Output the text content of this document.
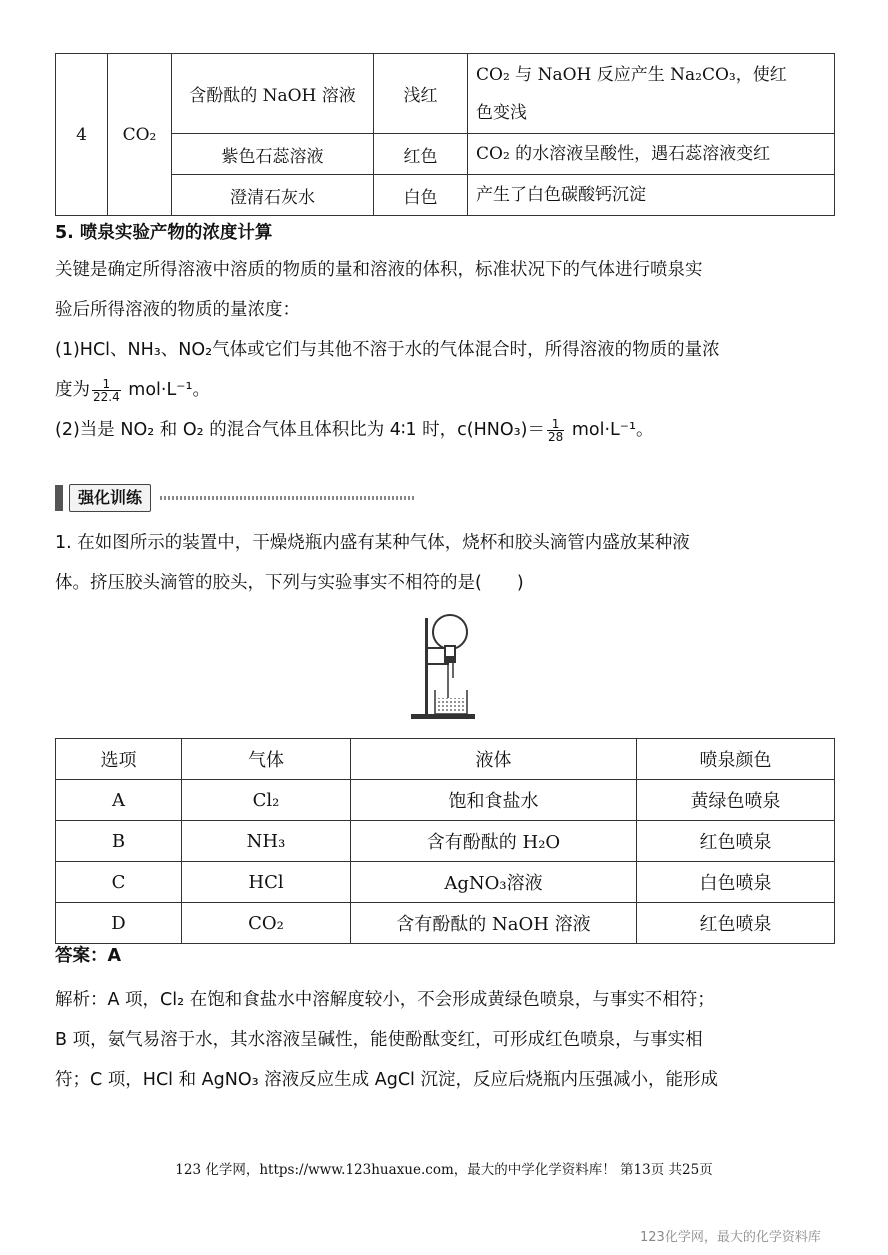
4	CO₂	含酚酞的 NaOH 溶液	浅红	CO₂ 与 NaOH 反应产生 Na₂CO₃，使红
色变浅

		紫色石蕊溶液	红色	CO₂ 的水溶液呈酸性，遇石蕊溶液变红
		澄清石灰水	白色	产生了白色碳酸钙沉淀
5. 喷泉实验产物的浓度计算
关键是确定所得溶液中溶质的物质的量和溶液的体积，标准状况下的气体进行喷泉实
验后所得溶液的物质的量浓度：
(1)HCl、NH₃、NO₂气体或它们与其他不溶于水的气体混合时，所得溶液的物质的量浓
度为 $\frac{1}{22.4} mol\cdot L^{-1}$。
(2)当是 NO₂ 和 O₂ 的混合气体且体积比为 4∶1 时，$c(HNO_3)= \frac{1}{28} mol\cdot L^{-1}$。
强化训练
1. 在如图所示的装置中，干燥烧瓶内盛有某种气体，烧杯和胶头滴管内盛放某种液
体。挤压胶头滴管的胶头，下列与实验事实不相符的是(　　)
选项	气体	液体	喷泉颜色
A	Cl₂	饱和食盐水	黄绿色喷泉
B	NH₃	含有酚酞的 H₂O	红色喷泉
C	HCl	AgNO₃溶液	白色喷泉
D	CO₂	含有酚酞的 NaOH 溶液	红色喷泉
答案：A
解析：A 项，Cl₂ 在饱和食盐水中溶解度较小，不会形成黄绿色喷泉，与事实不相符；
B 项，氨气易溶于水，其水溶液呈碱性，能使酚酞变红，可形成红色喷泉，与事实相
符；C 项，HCl 和 AgNO₃ 溶液反应生成 AgCl 沉淀，反应后烧瓶内压强减小，能形成
123 化学网，https://www.123huaxue.com，最大的中学化学资料库！ 第13页 共25页
123化学网，最大的化学资料库
